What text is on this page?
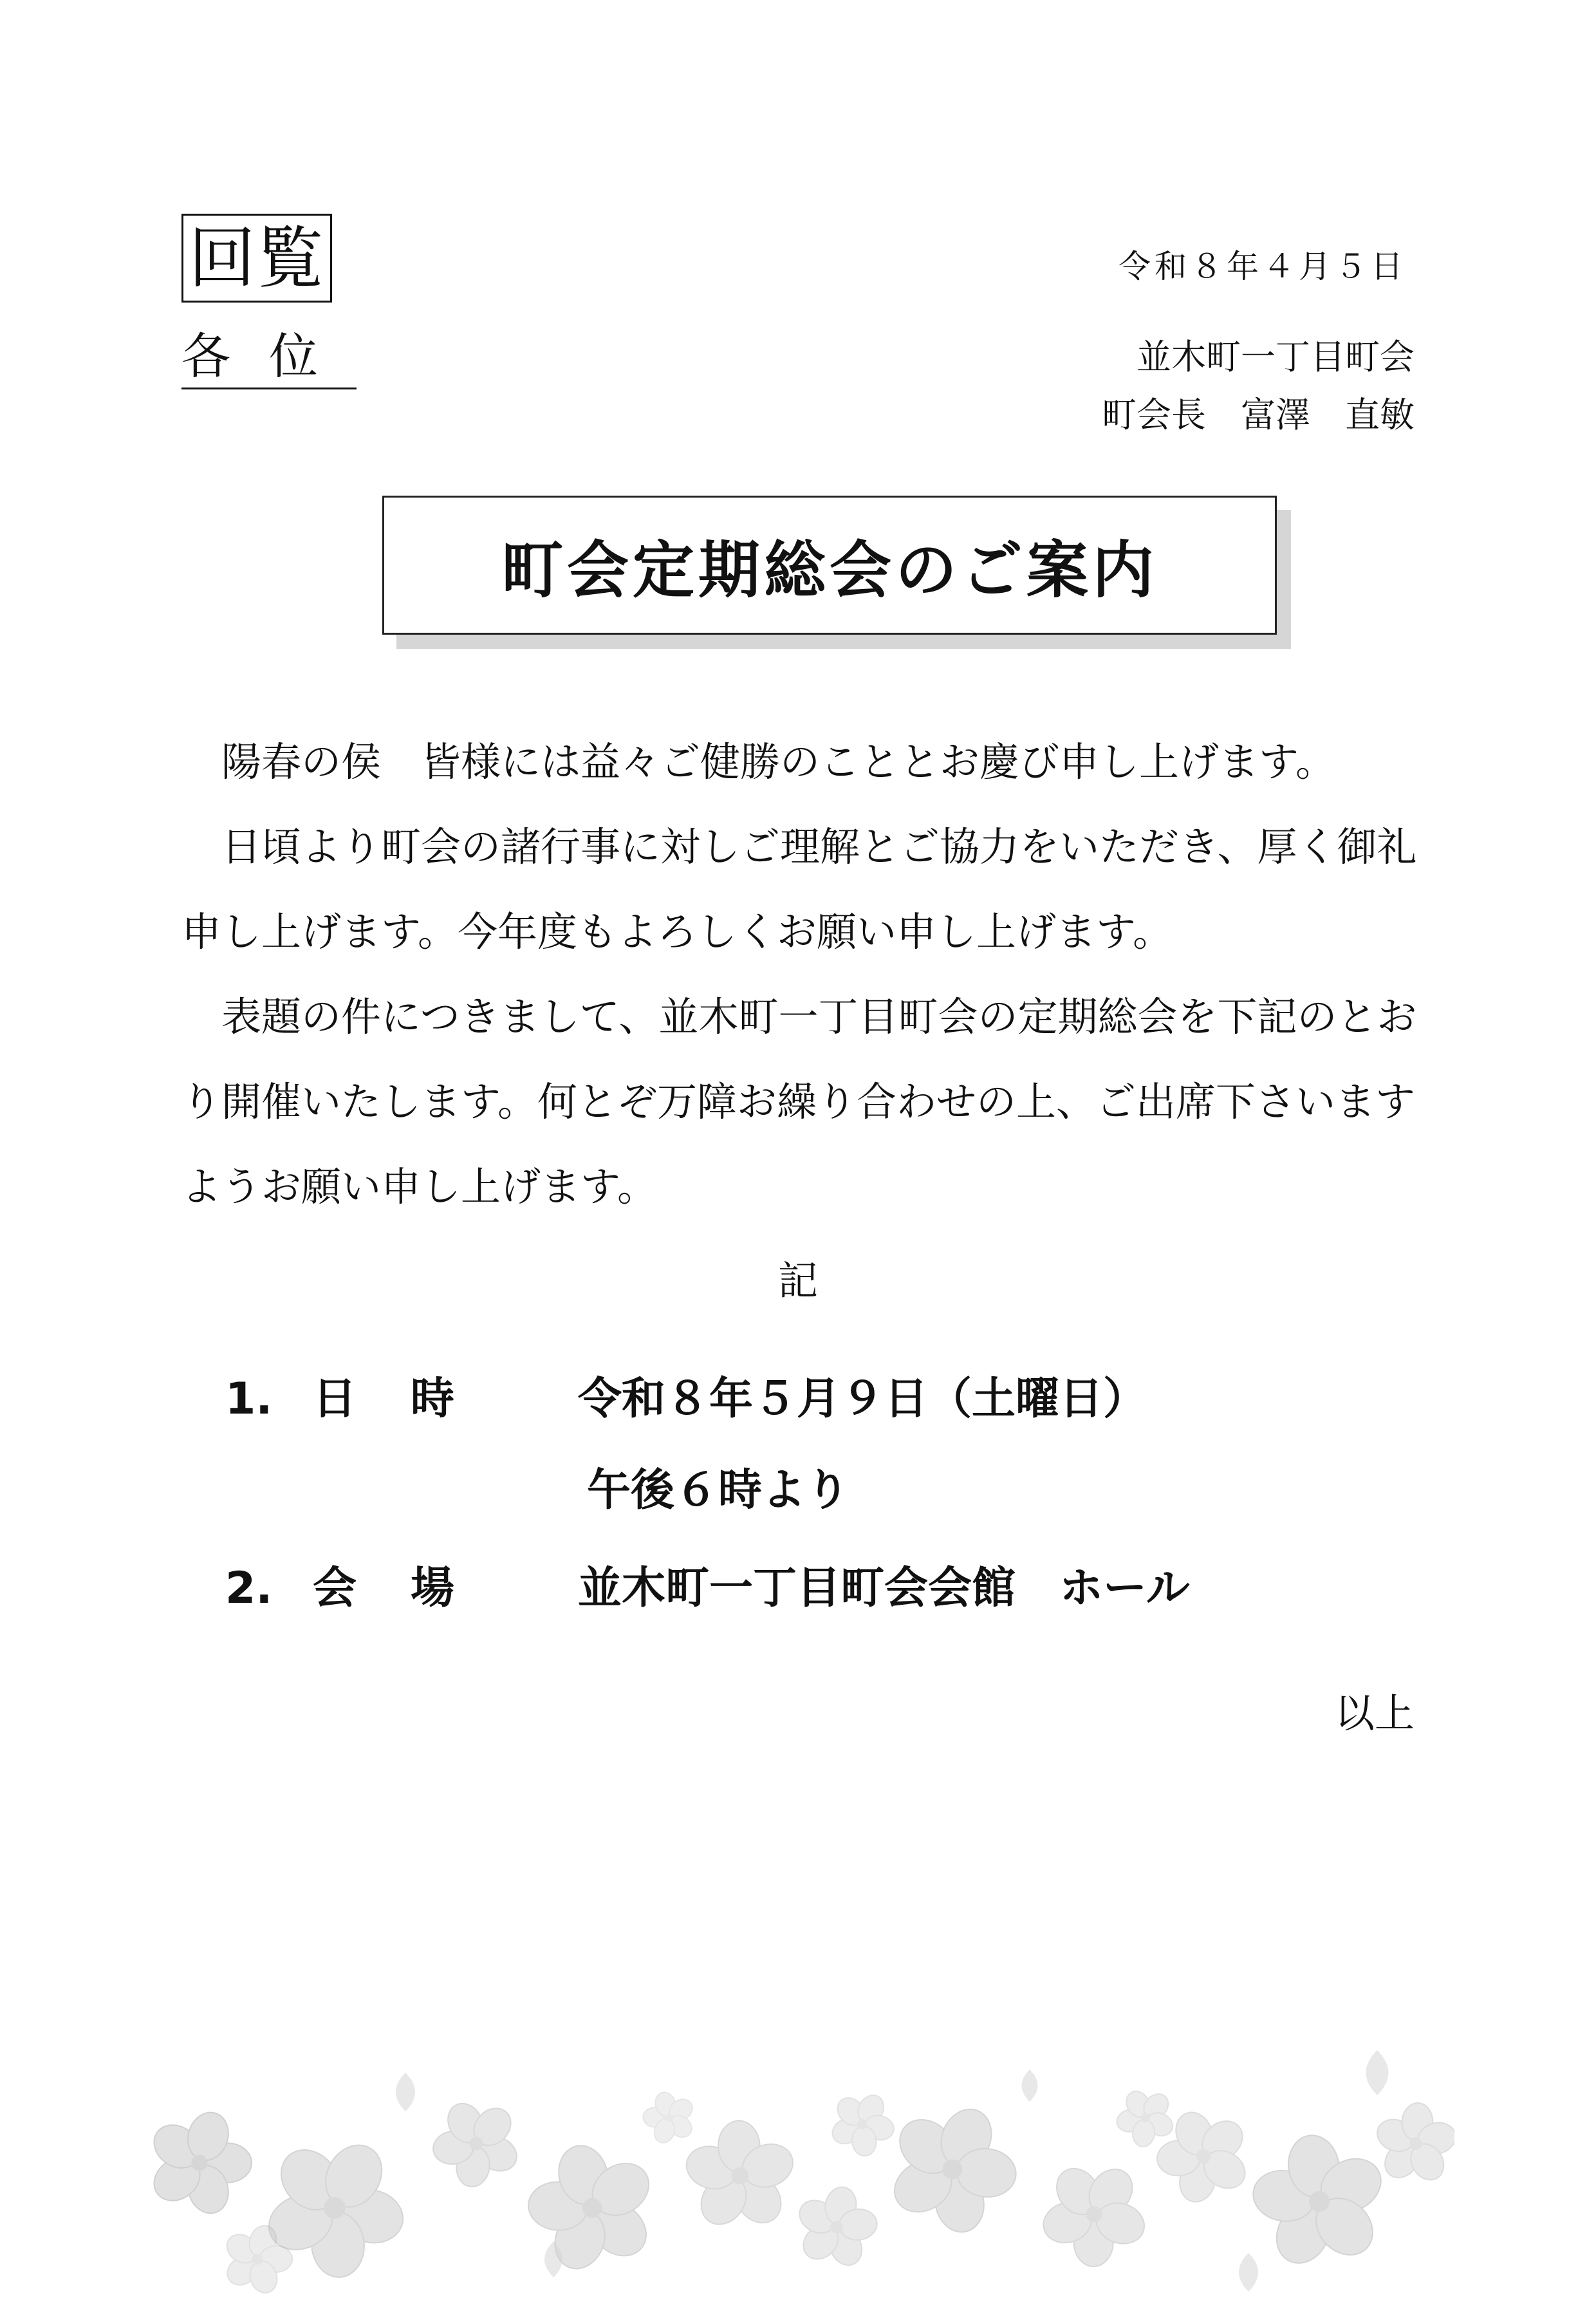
回覧
各位
令和８年４月５日
並木町一丁目町会
町会長　富澤　直敏
町会定期総会のご案内

陽春の侯　皆様には益々ご健勝のこととお慶び申し上げます。

日頃より町会の諸行事に対しご理解とご協力をいただき、厚く御礼申し上げます。今年度もよろしくお願い申し上げます。

表題の件につきまして、並木町一丁目町会の定期総会を下記のとおり開催いたします。何とぞ万障お繰り合わせの上、ご出席下さいますようお願い申し上げます。

記
1. 日時 令和８年５月９日（土曜日）
午後６時より
2. 会場 並木町一丁目町会会館　ホール
以上
